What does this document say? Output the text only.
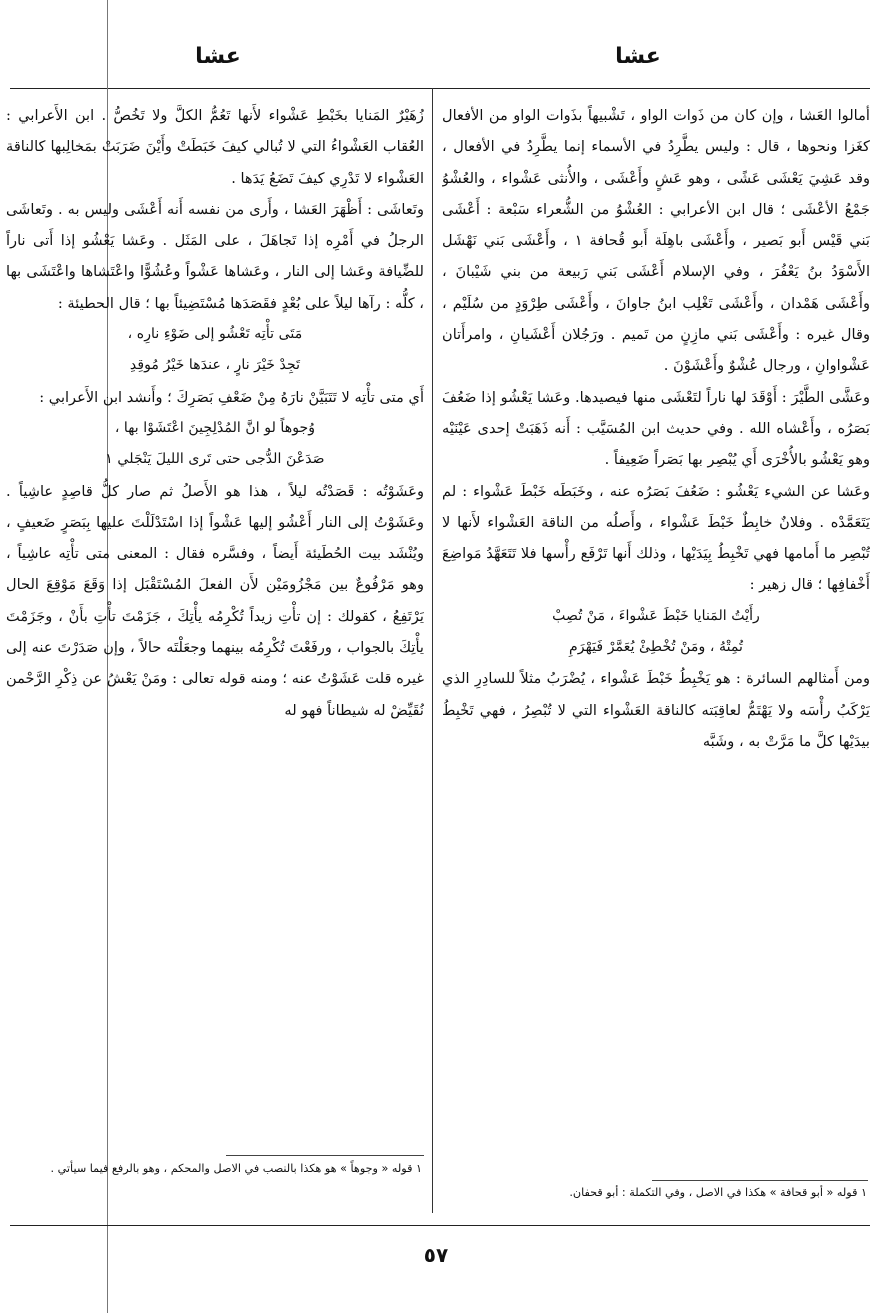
عشا
عشا

أمالوا العَشا ، وإن كان من ذَوات الواو ، تَشْبيهاً بذَوات الواو من الأفعال كغَزا ونحوها ، قال : وليس يطَّرِدُ في الأسماء إنما يطَّرِدُ في الأفعال ، وقد عَشِيَ يَعْشَى عَشًى ، وهو عَشٍ وأَعْشَى ، والأُنثى عَشْواء ، والعُشْوُ جَمْعُ الأعْشَى ؛ قال ابن الأعرابي : العُشْوُ من الشُّعراء سَبْعة : أَعْشَى بَني قَيْس أَبو بَصير ، وأَعْشَى باهِلَة أَبو قُحافة ١ ، وأَعْشَى بَني نَهْشَل الأَسْوَدُ بنُ يَعْفُرَ ، وفي الإسلام أَعْشَى بَني رَبيعة من بني شَيْبانَ ، وأَعْشَى هَمْدان ، وأَعْشَى تَغْلِب ابنُ جاوانَ ، وأَعْشَى طِرْوَدٍ من سُلَيْم ، وقال غيره : وأَعْشَى بَني مازِنٍ من تَميم . ورَجُلان أَعْشَيانِ ، وامرأَتان عَشْواوانِ ، ورجال عُشْوٌ وأَعْشَوْنَ .

وعَشَّى الطَّيْرَ : أَوْقَدَ لها ناراً لتَعْشَى منها فيصيدها. وعَشا يَعْشُو إذا ضَعُفَ بَصَرُه ، وأَعْشاه الله . وفي حديث ابن المُسَيَّب : أَنه ذَهَبَتْ إحدى عَيْنَيْه وهو يَعْشُو بالأُخْرَى أَي يُبْصِر بها بَصَراً ضَعِيفاً .

وعَشا عن الشيء يَعْشُو : ضَعُفَ بَصَرُه عنه ، وخَبَطَه خَبْطَ عَشْواء : لم يَتَعَمَّدْه . وفلانٌ خابِطٌ خَبْطَ عَشْواء ، وأَصلُه من الناقة العَشْواء لأَنها لا تُبْصِر ما أَمامها فهي تَخْبِطُ بِيَدَيْها ، وذلك أَنها تَرْفَع رأْسها فلا تَتَعَهَّدُ مَواضِعَ أَخْفافِها ؛ قال زهير :

رأَيْتُ المَنايا خَبْطَ عَشْواءَ ، مَنْ تُصِبْ

تُمِتْهُ ، ومَنْ تُخْطِئْ يُعَمَّرْ فَيَهْرَمِ

ومن أَمثالهم السائرة : هو يَخْبِطُ خَبْطَ عَشْواء ، يُضْرَبُ مثلاً للسادِرِ الذي يَرْكَبُ رأْسَه ولا يَهْتَمُّ لعاقِبَته كالناقة العَشْواء التي لا تُبْصِرُ ، فهي تَخْبِطُ بيدَيْها كلَّ ما مَرَّتْ به ، وشَبَّه

زُهَيْرٌ المَنايا بخَبْطِ عَشْواء لأَنها تَعُمُّ الكلَّ ولا تَخُصُّ . ابن الأَعرابي : العُقاب العَشْواءُ التي لا تُبالي كيفَ خَبَطَتْ وأَيْنَ ضَرَبَتْ بمَخالِبها كالناقة العَشْواء لا تَدْرِي كيفَ تَضَعُ يَدَها .

وتَعاشَى : أَظْهَرَ العَشا ، وأَرى من نفسه أَنه أَعْشَى وليس به . وتَعاشَى الرجلُ في أَمْرِه إذا تَجاهَلَ ، على المَثَل . وعَشا يَعْشُو إذا أَتى ناراً للضِّيافة وعَشا إلى النار ، وعَشاها عَشْواً وعُشُوًّا واعْتَشاها واعْتَشَى بها ، كلُّه : رآها ليلاً على بُعْدٍ فقَصَدَها مُسْتَضِيئاً بها ؛ قال الحطيئة :

مَتَى تأْتِه تَعْشُو إلى ضَوْءِ نارِه ،

تَجِدْ خَيْرَ نارٍ ، عندَها خَيْرُ مُوقِدِ

أَي متى تأْتِه لا تَتَبَيَّنْ نارَهُ مِنْ ضَعْفِ بَصَرِكَ ؛ وأَنشد ابن الأَعرابي :

وُجوهاً لو انَّ المُدْلِجِينَ اعْتَشَوْا بها ،

صَدَعْنَ الدُّجى حتى تَرى الليلَ يَنْجَلي ١

وعَشَوْتُه : قَصَدْتُه ليلاً ، هذا هو الأَصلُ ثم صار كلُّ قاصِدٍ عاشِياً . وعَشَوْتُ إلى النار أَعْشُو إليها عَشْواً إذا اسْتَدْلَلْتَ عليها بِبَصَرٍ ضَعيفٍ ، ويُنْشَد بيت الحُطَيئة أَيضاً ، وفسَّره فقال : المعنى متى تأْتِه عاشِياً ، وهو مَرْفُوعٌ بين مَجْزُومَيْن لأَن الفعلَ المُسْتَقْبَل إذا وَقَعَ مَوْقِعَ الحال يَرْتَفِعُ ، كقولك : إن تأْتِ زيداً تُكْرِمُه يأْتِكَ ، جَزَمْتَ تأْتِ بأَنْ ، وجَزَمْتَ يأْتِكَ بالجواب ، ورفَعْتَ تُكْرِمُه بينهما وجعَلْتَه حالاً ، وإن صَدَرْتَ عنه إلى غيره قلت عَشَوْتُ عنه ؛ ومنه قوله تعالى : ومَنْ يَعْشُ عن ذِكْرِ الرَّحْمن نُقَيِّضْ له شيطاناً فهو له

١ قوله « أبو قحافة » هكذا في الاصل ، وفي التكملة : أبو قحفان.
١ قوله « وجوهاً » هو هكذا بالنصب في الاصل والمحكم ، وهو بالرفع فيما سيأتي .
٥٧
